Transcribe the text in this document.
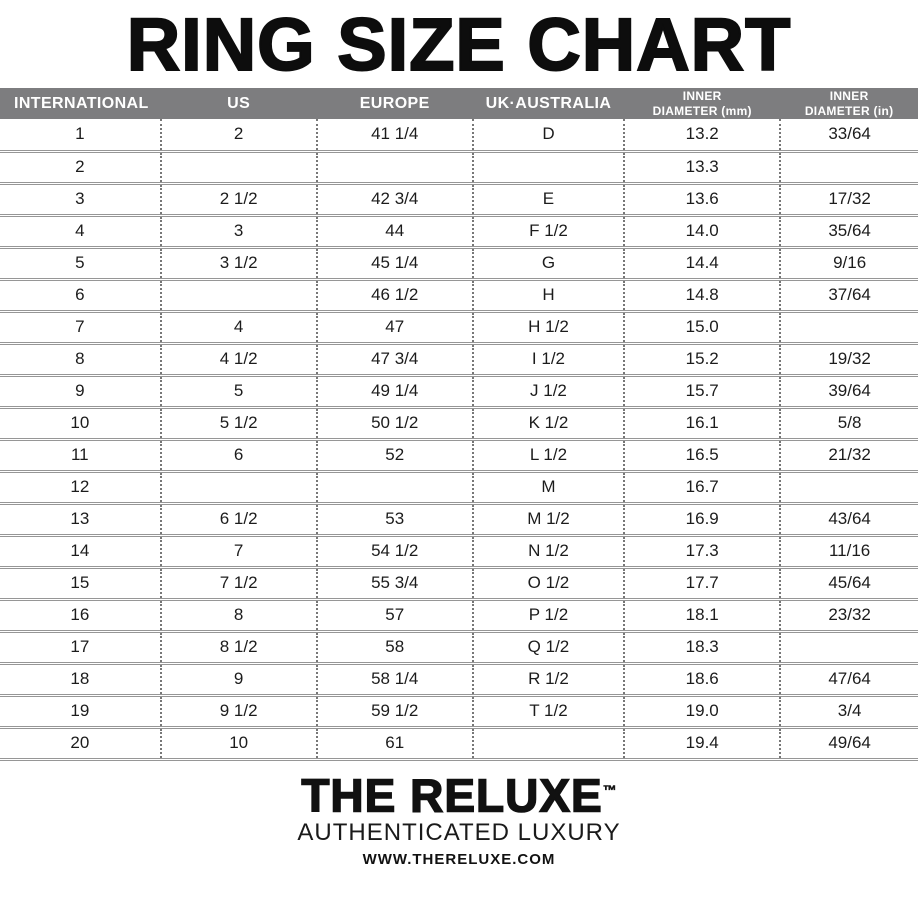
RING SIZE CHART
INTERNATIONAL	US	EUROPE	UK·AUSTRALIA	INNER
DIAMETER (mm)	INNER
DIAMETER (in)
1	2	41 1/4	D	13.2	33/64
2				13.3	
3	2 1/2	42 3/4	E	13.6	17/32
4	3	44	F 1/2	14.0	35/64
5	3 1/2	45 1/4	G	14.4	9/16
6		46 1/2	H	14.8	37/64
7	4	47	H 1/2	15.0	
8	4 1/2	47 3/4	I 1/2	15.2	19/32
9	5	49 1/4	J 1/2	15.7	39/64
10	5 1/2	50 1/2	K 1/2	16.1	5/8
11	6	52	L 1/2	16.5	21/32
12			M	16.7	
13	6 1/2	53	M 1/2	16.9	43/64
14	7	54 1/2	N 1/2	17.3	11/16
15	7 1/2	55 3/4	O 1/2	17.7	45/64
16	8	57	P 1/2	18.1	23/32
17	8 1/2	58	Q 1/2	18.3	
18	9	58 1/4	R 1/2	18.6	47/64
19	9 1/2	59 1/2	T 1/2	19.0	3/4
20	10	61		19.4	49/64
THE RELUXE™
AUTHENTICATED LUXURY
WWW.THERELUXE.COM
